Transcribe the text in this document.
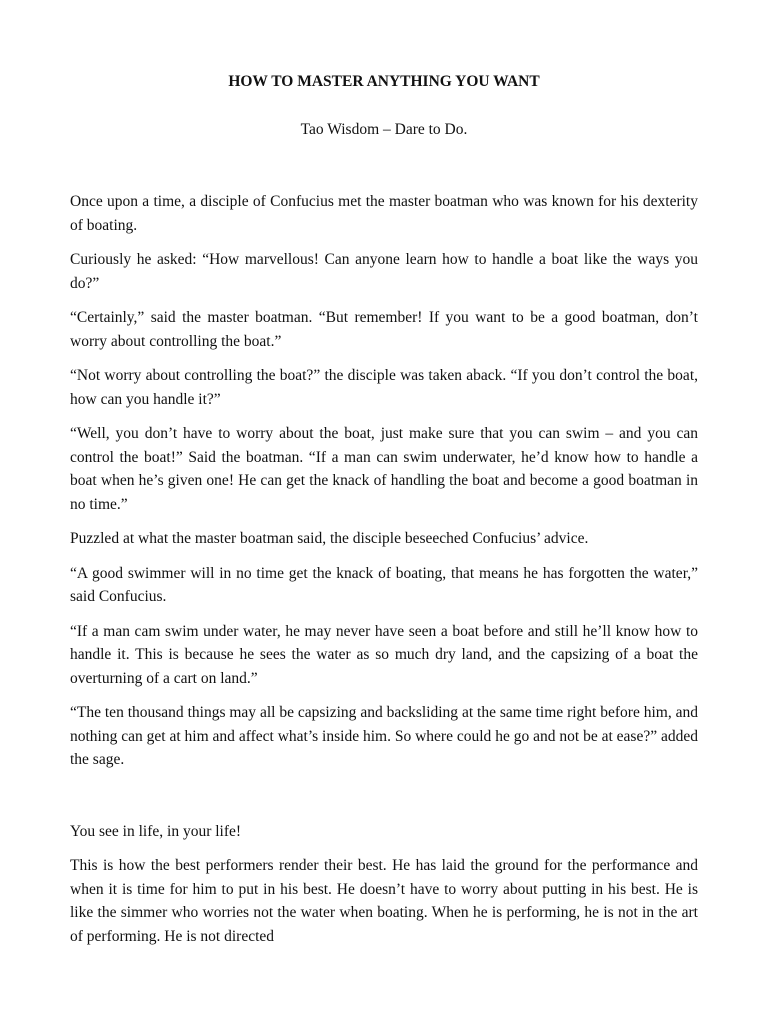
HOW TO MASTER ANYTHING YOU WANT
Tao Wisdom – Dare to Do.

Once upon a time, a disciple of Confucius met the master boatman who was known for his dexterity of boating.

Curiously he asked: “How marvellous! Can anyone learn how to handle a boat like the ways you do?”

“Certainly,” said the master boatman. “But remember! If you want to be a good boatman, don’t worry about controlling the boat.”

“Not worry about controlling the boat?” the disciple was taken aback. “If you don’t control the boat, how can you handle it?”

“Well, you don’t have to worry about the boat, just make sure that you can swim – and you can control the boat!” Said the boatman. “If a man can swim underwater, he’d know how to handle a boat when he’s given one! He can get the knack of handling the boat and become a good boatman in no time.”

Puzzled at what the master boatman said, the disciple beseeched Confucius’ advice.

“A good swimmer will in no time get the knack of boating, that means he has forgotten the water,” said Confucius.

“If a man cam swim under water, he may never have seen a boat before and still he’ll know how to handle it. This is because he sees the water as so much dry land, and the capsizing of a boat the overturning of a cart on land.”

“The ten thousand things may all be capsizing and backsliding at the same time right before him, and nothing can get at him and affect what’s inside him. So where could he go and not be at ease?” added the sage.

You see in life, in your life!

This is how the best performers render their best. He has laid the ground for the performance and when it is time for him to put in his best. He doesn’t have to worry about putting in his best. He is like the simmer who worries not the water when boating. When he is performing, he is not in the art of performing. He is not directed
